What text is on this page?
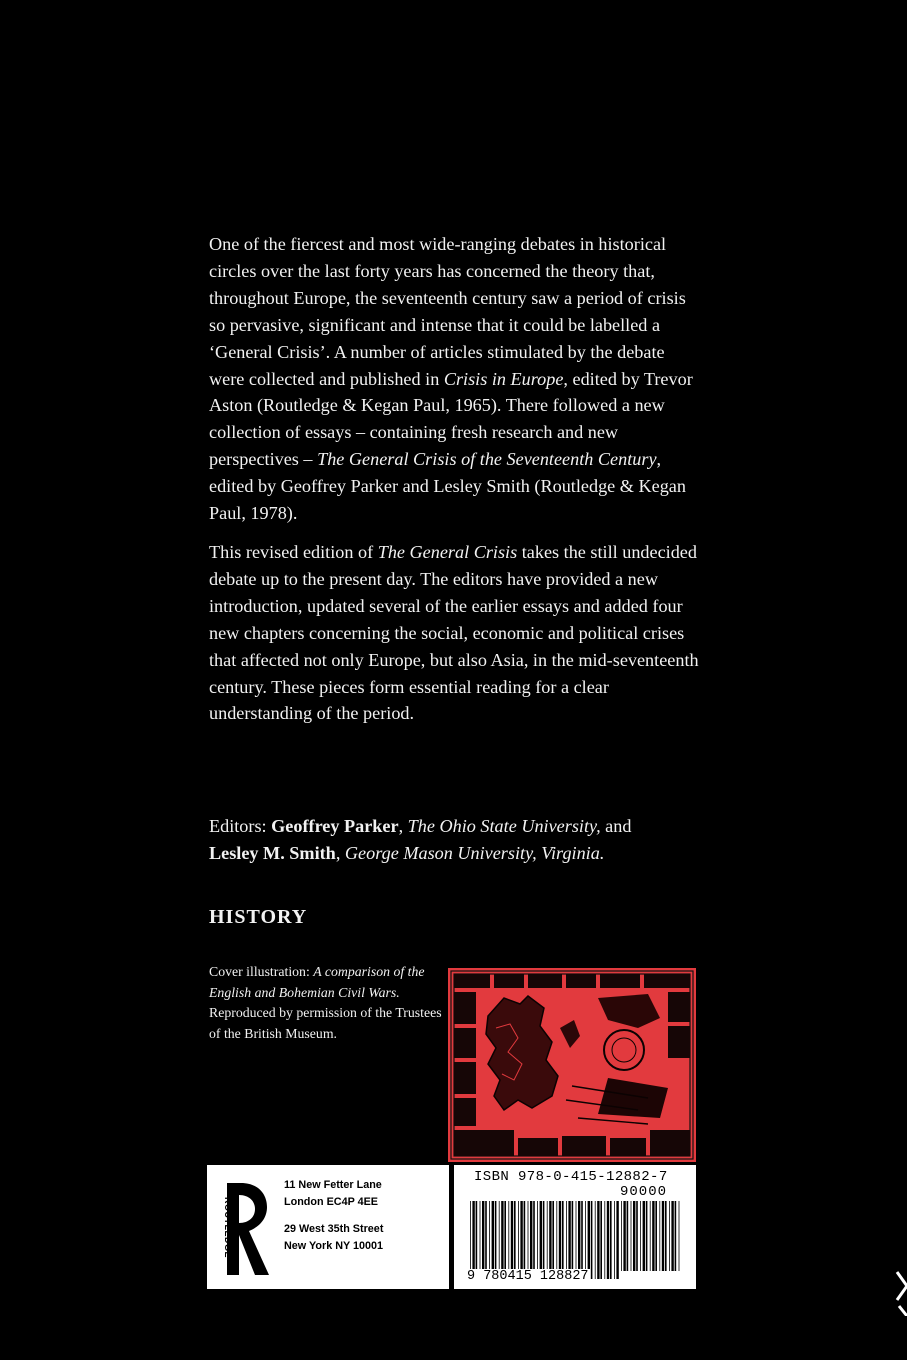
One of the fiercest and most wide-ranging debates in historical circles over the last forty years has concerned the theory that, throughout Europe, the seventeenth century saw a period of crisis so pervasive, significant and intense that it could be labelled a ‘General Crisis’. A number of articles stimulated by the debate were collected and published in Crisis in Europe, edited by Trevor Aston (Routledge & Kegan Paul, 1965). There followed a new collection of essays – containing fresh research and new perspectives – The General Crisis of the Seventeenth Century, edited by Geoffrey Parker and Lesley Smith (Routledge & Kegan Paul, 1978).

This revised edition of The General Crisis takes the still undecided debate up to the present day. The editors have provided a new introduction, updated several of the earlier essays and added four new chapters concerning the social, economic and political crises that affected not only Europe, but also Asia, in the mid-seventeenth century. These pieces form essential reading for a clear understanding of the period.

Editors: Geoffrey Parker, The Ohio State University, and
Lesley M. Smith, George Mason University, Virginia.

HISTORY

Cover illustration: A comparison of the English and Bohemian Civil Wars. Reproduced by permission of the Trustees of the British Museum.

ROUTLEDGE
11 New Fetter Lane
London EC4P 4EE
29 West 35th Street
New York NY 10001

ISBN 978-0-415-12882-7

90000

9 780415 128827
